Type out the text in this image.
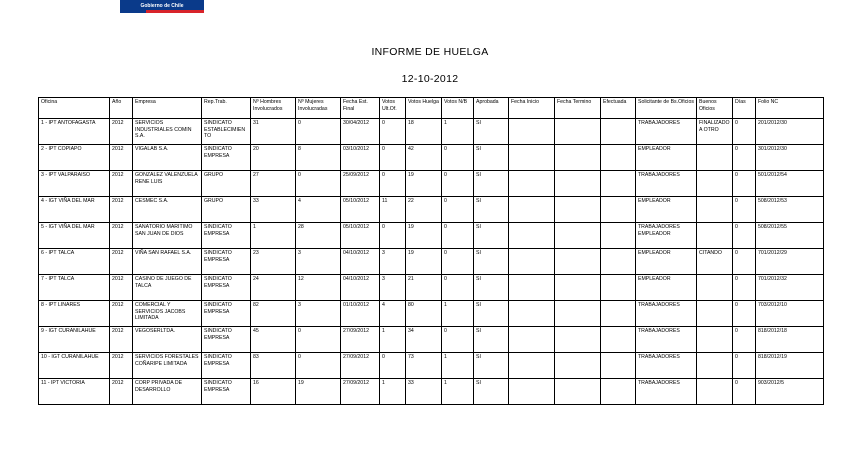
Gobierno de Chile
INFORME DE HUELGA
12-10-2012
Oficina	Año	Empresa	Rep.Trab.	Nº Hombres Involucrados	Nº Mujeres Involucradas	Fecha Est. Final	Votos Ult.Of.	Votos Huelga	Votos N/B	Aprobada	Fecha Inicio	Fecha Termino	Efectuada	Solicitante de Bs.Oficios	Buenos Oficios	Días	Folio NC
1 - IPT ANTOFAGASTA	2012	SERVICIOS INDUSTRIALES COMIN S.A.	SINDICATO ESTABLECIMIENTO	31	0	30/04/2012	0	18	1	SI				TRABAJADORES	FINALIZADO A OTRO	0	201/2012/30
2 - IPT COPIAPO	2012	VIGALAB S.A.	SINDICATO EMPRESA	20	8	03/10/2012	0	42	0	SI				EMPLEADOR		0	301/2012/30
3 - IPT VALPARAISO	2012	GONZALEZ VALENZUELA RENE LUIS	GRUPO	27	0	25/09/2012	0	19	0	SI				TRABAJADORES		0	501/2012/54
4 - IGT VIÑA DEL MAR	2012	CESMEC S.A.	GRUPO	33	4	05/10/2012	11	22	0	SI				EMPLEADOR		0	508/2012/53
5 - IGT VIÑA DEL MAR	2012	SANATORIO MARITIMO SAN JUAN DE DIOS	SINDICATO EMPRESA	1	28	05/10/2012	0	19	0	SI				TRABAJADORES EMPLEADOR		0	508/2012/55
6 - IPT TALCA	2012	VIÑA SAN RAFAEL S.A.	SINDICATO EMPRESA	23	3	04/10/2012	3	19	0	SI				EMPLEADOR	CITANDO	0	701/2012/29
7 - IPT TALCA	2012	CASINO DE JUEGO DE TALCA	SINDICATO EMPRESA	24	12	04/10/2012	3	21	0	SI				EMPLEADOR		0	701/2012/32
8 - IPT LINARES	2012	COMERCIAL Y SERVICIOS JACOBS LIMITADA	SINDICATO EMPRESA	82	3	01/10/2012	4	80	1	SI				TRABAJADORES		0	703/2012/10
9 - IGT CURANILAHUE	2012	VEGOSERLTDA.	SINDICATO EMPRESA	45	0	27/09/2012	1	34	0	SI				TRABAJADORES		0	818/2012/18
10 - IGT CURANILAHUE	2012	SERVICIOS FORESTALES COÑARIPE LIMITADA	SINDICATO EMPRESA	83	0	27/09/2012	0	73	1	SI				TRABAJADORES		0	818/2012/19
11 - IPT VICTORIA	2012	CORP PRIVADA DE DESARROLLO	SINDICATO EMPRESA	16	19	27/09/2012	1	33	1	SI				TRABAJADORES		0	903/2012/5
